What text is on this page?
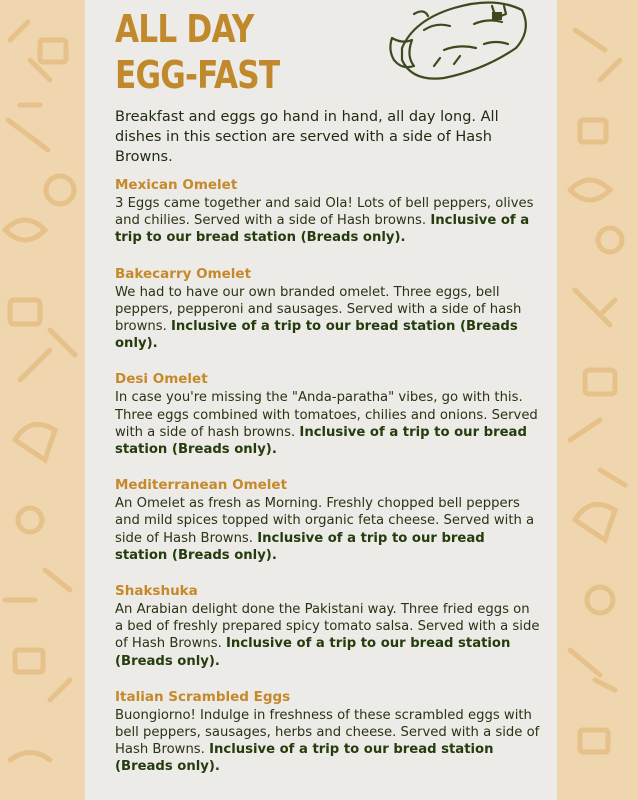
ALL DAY
EGG-FAST
Breakfast and eggs go hand in hand, all day long. All dishes in this section are served with a side of Hash Browns.
Mexican Omelet
3 Eggs came together and said Ola! Lots of bell peppers, olives and chilies. Served with a side of Hash browns. Inclusive of a trip to our bread station (Breads only).
Bakecarry Omelet
We had to have our own branded omelet. Three eggs, bell peppers, pepperoni and sausages. Served with a side of hash browns. Inclusive of a trip to our bread station (Breads only).
Desi Omelet
In case you're missing the "Anda-paratha" vibes, go with this. Three eggs combined with tomatoes, chilies and onions. Served with a side of hash browns. Inclusive of a trip to our bread station (Breads only).
Mediterranean Omelet
An Omelet as fresh as Morning. Freshly chopped bell peppers and mild spices topped with organic feta cheese. Served with a side of Hash Browns. Inclusive of a trip to our bread station (Breads only).
Shakshuka
An Arabian delight done the Pakistani way. Three fried eggs on a bed of freshly prepared spicy tomato salsa. Served with a side of Hash Browns. Inclusive of a trip to our bread station (Breads only).
Italian Scrambled Eggs
Buongiorno! Indulge in freshness of these scrambled eggs with bell peppers, sausages, herbs and cheese. Served with a side of Hash Browns. Inclusive of a trip to our bread station (Breads only).
